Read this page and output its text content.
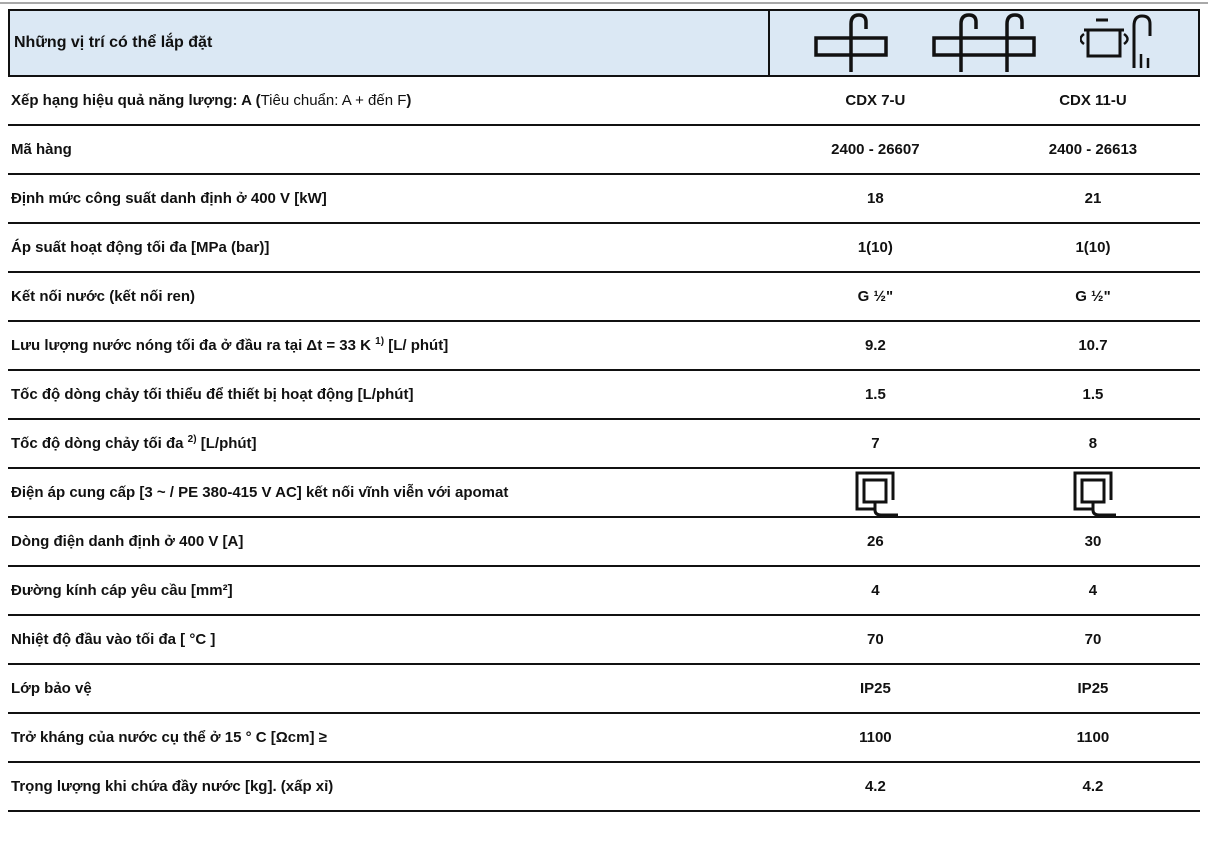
Những vị trí có thể lắp đặt
Xếp hạng hiệu quả năng lượng: A (Tiêu chuẩn: A + đến F)	CDX 7-U	CDX 11-U
Mã hàng	2400 - 26607	2400 - 26613
Định mức công suất danh định ở 400 V [kW]	18	21
Áp suất hoạt động tối đa [MPa (bar)]	1(10)	1(10)
Kết nối nước (kết nối ren)	G ½"	G ½"
Lưu lượng nước nóng tối đa ở đầu ra tại Δt = 33 K $^{1)}$ [L/ phút]	9.2	10.7
Tốc độ dòng chảy tối thiểu để thiết bị hoạt động [L/phút]	1.5	1.5
Tốc độ dòng chảy tối đa $^{2)}$ [L/phút]	7	8
Điện áp cung cấp [3 ~ / PE 380-415 V AC] kết nối vĩnh viễn với apomat
Dòng điện danh định ở 400 V [A]	26	30
Đường kính cáp yêu cầu [mm²]	4	4
Nhiệt độ đầu vào tối đa [ °C ]	70	70
Lớp bảo vệ	IP25	IP25
Trở kháng của nước cụ thể ở 15 ° C [Ωcm] ≥	1100	1100
Trọng lượng khi chứa đầy nước [kg]. (xấp xỉ)	4.2	4.2
